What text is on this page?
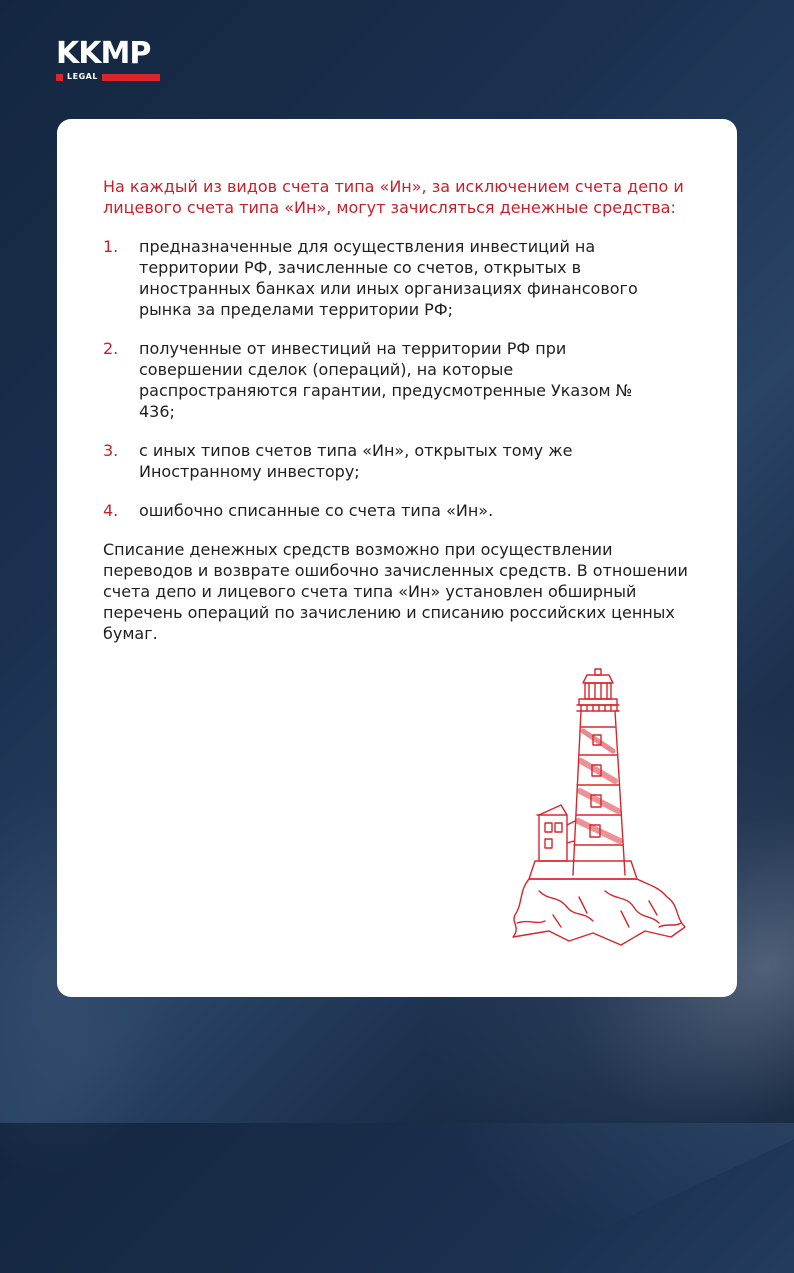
KKMP
LEGAL

На каждый из видов счета типа «Ин», за исключением счета депо и лицевого счета типа «Ин», могут зачисляться денежные средства:

1.	предназначенные для осуществления инвестиций на территории РФ, зачисленные со счетов, открытых в иностранных банках или иных организациях финансового рынка за пределами территории РФ;
2.	полученные от инвестиций на территории РФ при совершении сделок (операций), на которые распространяются гарантии, предусмотренные Указом № 436;
3.	с иных типов счетов типа «Ин», открытых тому же Иностранному инвестору;
4.	ошибочно списанные со счета типа «Ин».

Списание денежных средств возможно при осуществлении переводов и возврате ошибочно зачисленных средств. В отношении счета депо и лицевого счета типа «Ин» установлен обширный перечень операций по зачислению и списанию российских ценных бумаг.
